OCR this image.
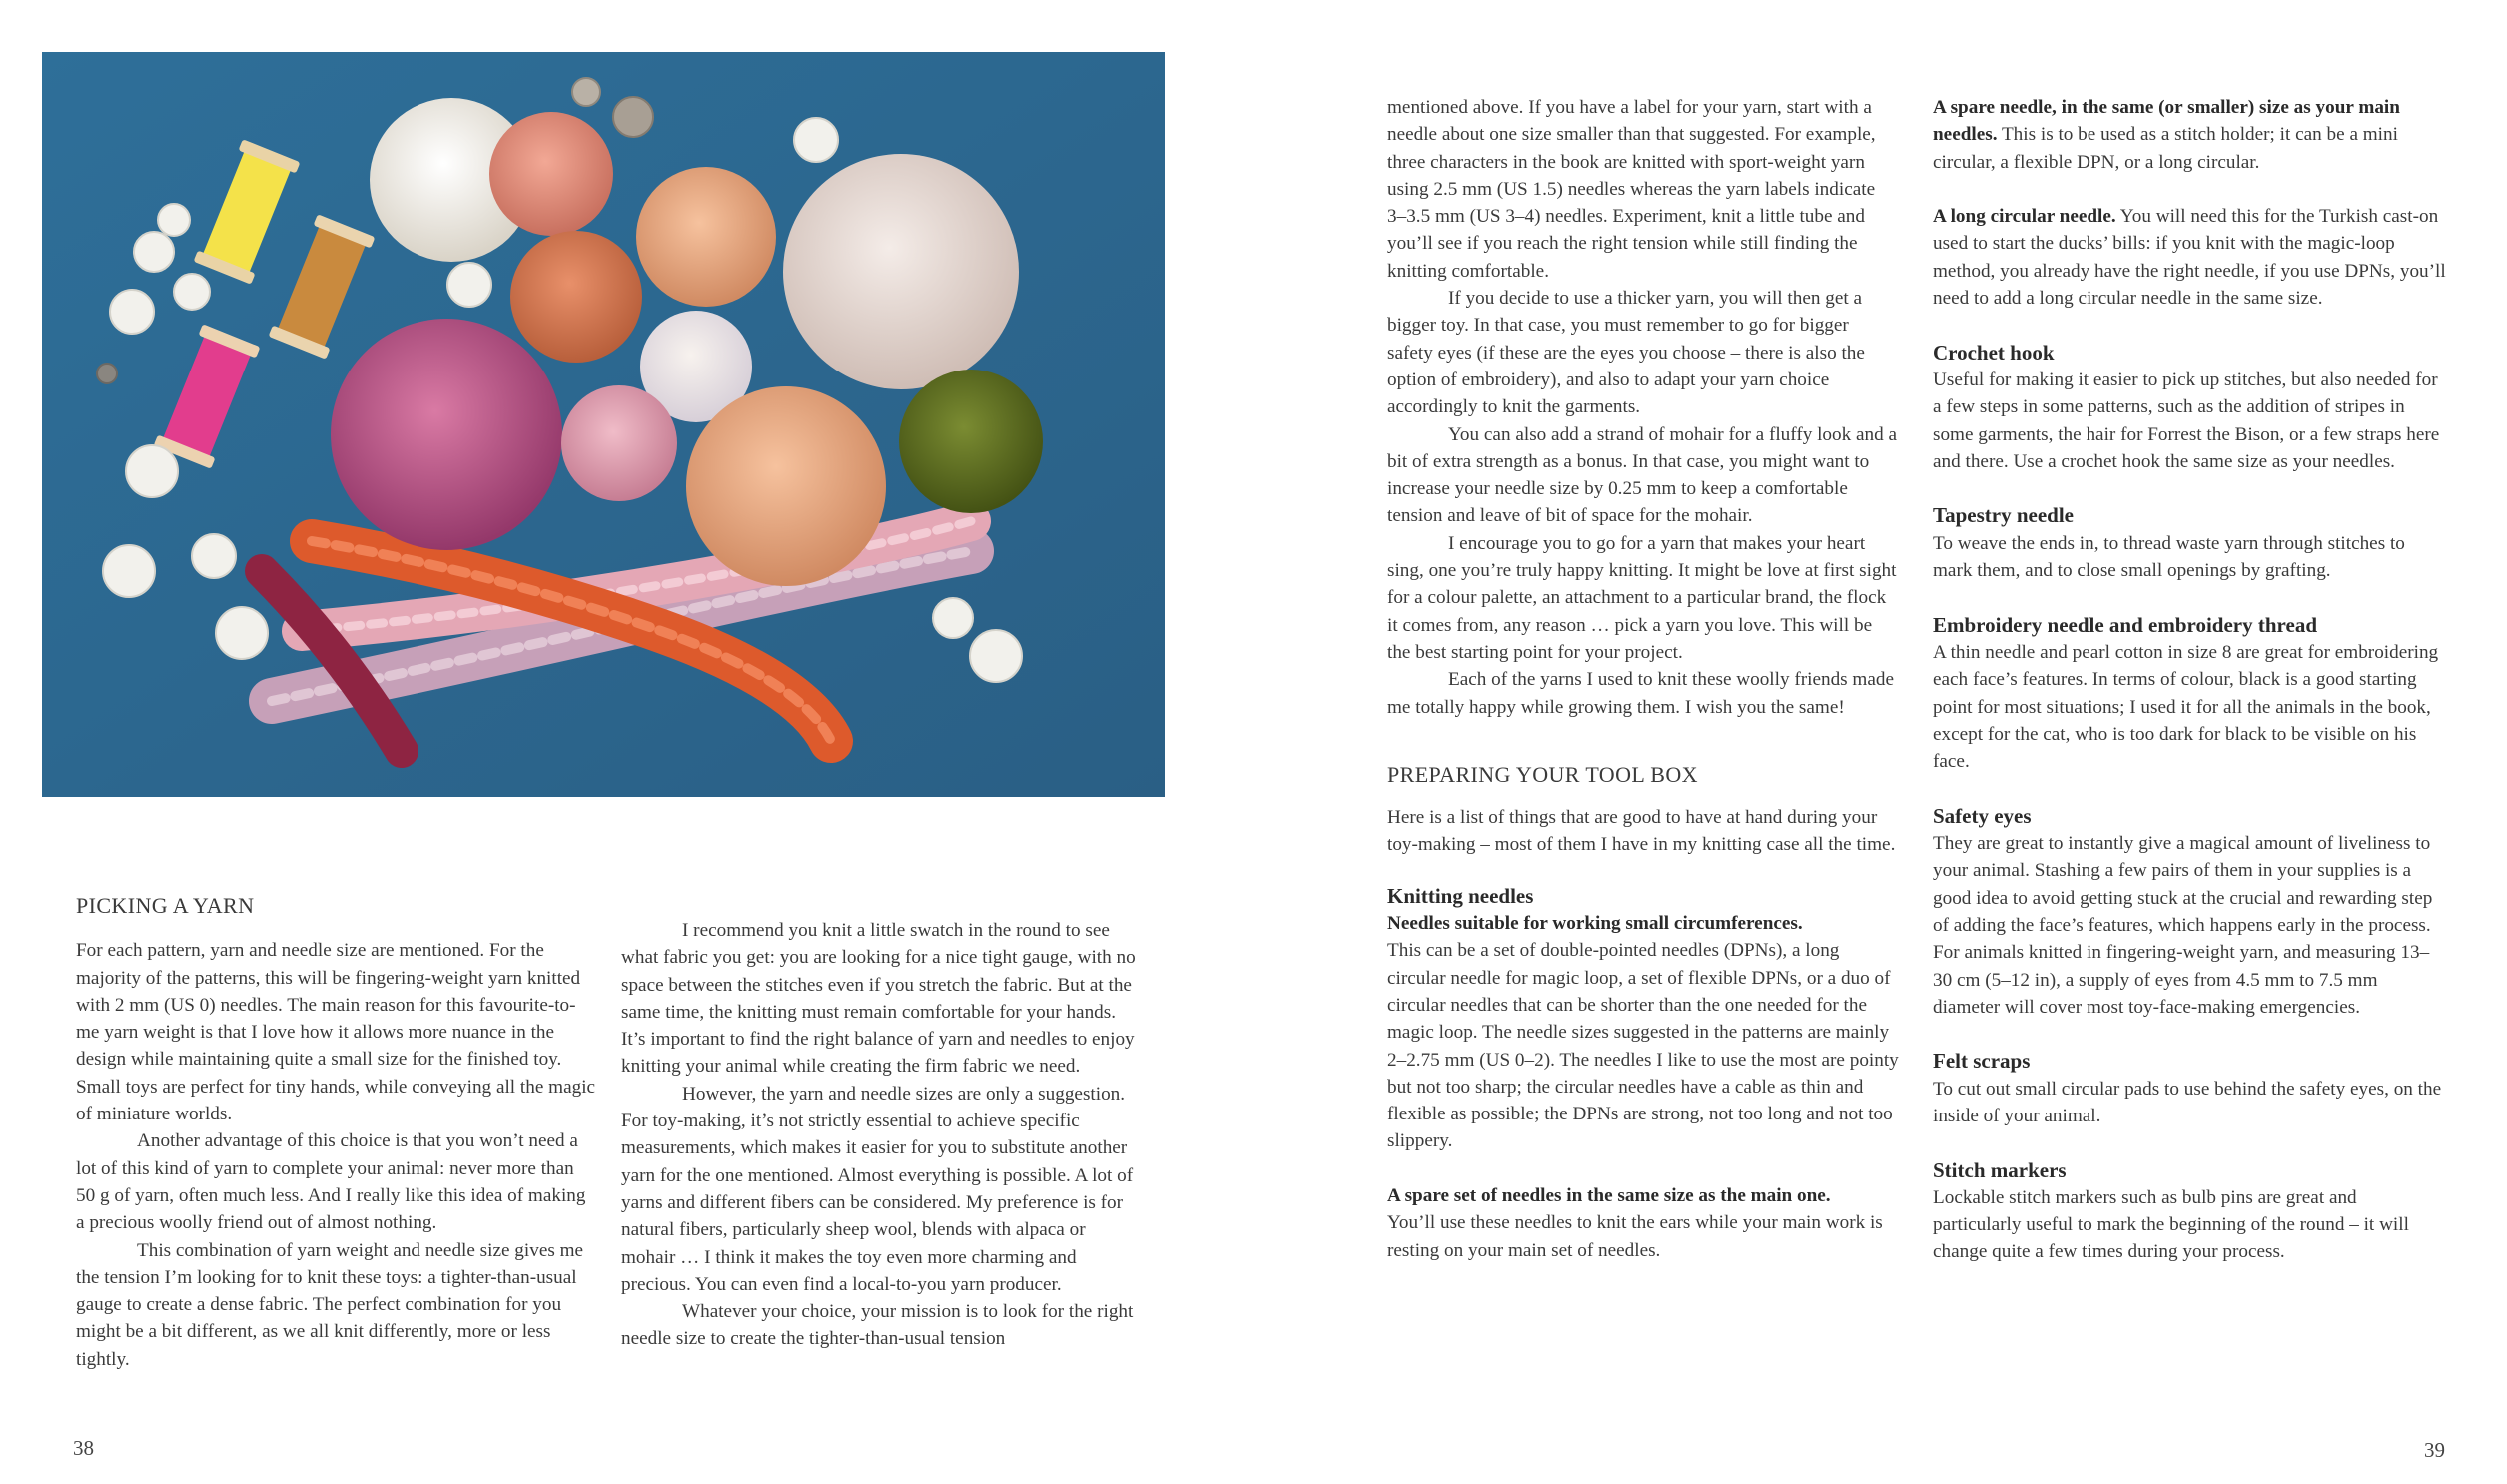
PICKING A YARN

For each pattern, yarn and needle size are mentioned. For the majority of the patterns, this will be fingering-weight yarn knitted with 2 mm (US 0) needles. The main reason for this favourite-to-me yarn weight is that I love how it allows more nuance in the design while maintaining quite a small size for the finished toy. Small toys are perfect for tiny hands, while conveying all the magic of miniature worlds.

Another advantage of this choice is that you won’t need a lot of this kind of yarn to complete your animal: never more than 50 g of yarn, often much less. And I really like this idea of making a precious woolly friend out of almost nothing.

This combination of yarn weight and needle size gives me the tension I’m looking for to knit these toys: a tighter-than-usual gauge to create a dense fabric. The perfect combination for you might be a bit different, as we all knit differently, more or less tightly.

I recommend you knit a little swatch in the round to see what fabric you get: you are looking for a nice tight gauge, with no space between the stitches even if you stretch the fabric. But at the same time, the knitting must remain comfortable for your hands. It’s important to find the right balance of yarn and needles to enjoy knitting your animal while creating the firm fabric we need.

However, the yarn and needle sizes are only a suggestion. For toy-making, it’s not strictly essential to achieve specific measurements, which makes it easier for you to substitute another yarn for the one mentioned. Almost everything is possible. A lot of yarns and different fibers can be considered. My preference is for natural fibers, particularly sheep wool, blends with alpaca or mohair … I think it makes the toy even more charming and precious. You can even find a local-to-you yarn producer.

Whatever your choice, your mission is to look for the right needle size to create the tighter-than-usual tension

38

mentioned above. If you have a label for your yarn, start with a needle about one size smaller than that suggested. For example, three characters in the book are knitted with sport-weight yarn using 2.5 mm (US 1.5) needles whereas the yarn labels indicate 3–3.5 mm (US 3–4) needles. Experiment, knit a little tube and you’ll see if you reach the right tension while still finding the knitting comfortable.

If you decide to use a thicker yarn, you will then get a bigger toy. In that case, you must remember to go for bigger safety eyes (if these are the eyes you choose – there is also the option of embroidery), and also to adapt your yarn choice accordingly to knit the garments.

You can also add a strand of mohair for a fluffy look and a bit of extra strength as a bonus. In that case, you might want to increase your needle size by 0.25 mm to keep a comfortable tension and leave of bit of space for the mohair.

I encourage you to go for a yarn that makes your heart sing, one you’re truly happy knitting. It might be love at first sight for a colour palette, an attachment to a particular brand, the flock it comes from, any reason … pick a yarn you love. This will be the best starting point for your project.

Each of the yarns I used to knit these woolly friends made me totally happy while growing them. I wish you the same!

PREPARING YOUR TOOL BOX

Here is a list of things that are good to have at hand during your toy-making – most of them I have in my knitting case all the time.

Knitting needles

Needles suitable for working small circumferences.

This can be a set of double-pointed needles (DPNs), a long circular needle for magic loop, a set of flexible DPNs, or a duo of circular needles that can be shorter than the one needed for the magic loop. The needle sizes suggested in the patterns are mainly 2–2.75 mm (US 0–2). The needles I like to use the most are pointy but not too sharp; the circular needles have a cable as thin and flexible as possible; the DPNs are strong, not too long and not too slippery.

A spare set of needles in the same size as the main one.
You’ll use these needles to knit the ears while your main work is resting on your main set of needles.

A spare needle, in the same (or smaller) size as your main needles. This is to be used as a stitch holder; it can be a mini circular, a flexible DPN, or a long circular.

A long circular needle. You will need this for the Turkish cast-on used to start the ducks’ bills: if you knit with the magic-loop method, you already have the right needle, if you use DPNs, you’ll need to add a long circular needle in the same size.

Crochet hook

Useful for making it easier to pick up stitches, but also needed for a few steps in some patterns, such as the addition of stripes in some garments, the hair for Forrest the Bison, or a few straps here and there. Use a crochet hook the same size as your needles.

Tapestry needle

To weave the ends in, to thread waste yarn through stitches to mark them, and to close small openings by grafting.

Embroidery needle and embroidery thread

A thin needle and pearl cotton in size 8 are great for embroidering each face’s features. In terms of colour, black is a good starting point for most situations; I used it for all the animals in the book, except for the cat, who is too dark for black to be visible on his face.

Safety eyes

They are great to instantly give a magical amount of liveliness to your animal. Stashing a few pairs of them in your supplies is a good idea to avoid getting stuck at the crucial and rewarding step of adding the face’s features, which happens early in the process. For animals knitted in fingering-weight yarn, and measuring 13–30 cm (5–12 in), a supply of eyes from 4.5 mm to 7.5 mm diameter will cover most toy-face-making emergencies.

Felt scraps

To cut out small circular pads to use behind the safety eyes, on the inside of your animal.

Stitch markers

Lockable stitch markers such as bulb pins are great and particularly useful to mark the beginning of the round – it will change quite a few times during your process.

39
